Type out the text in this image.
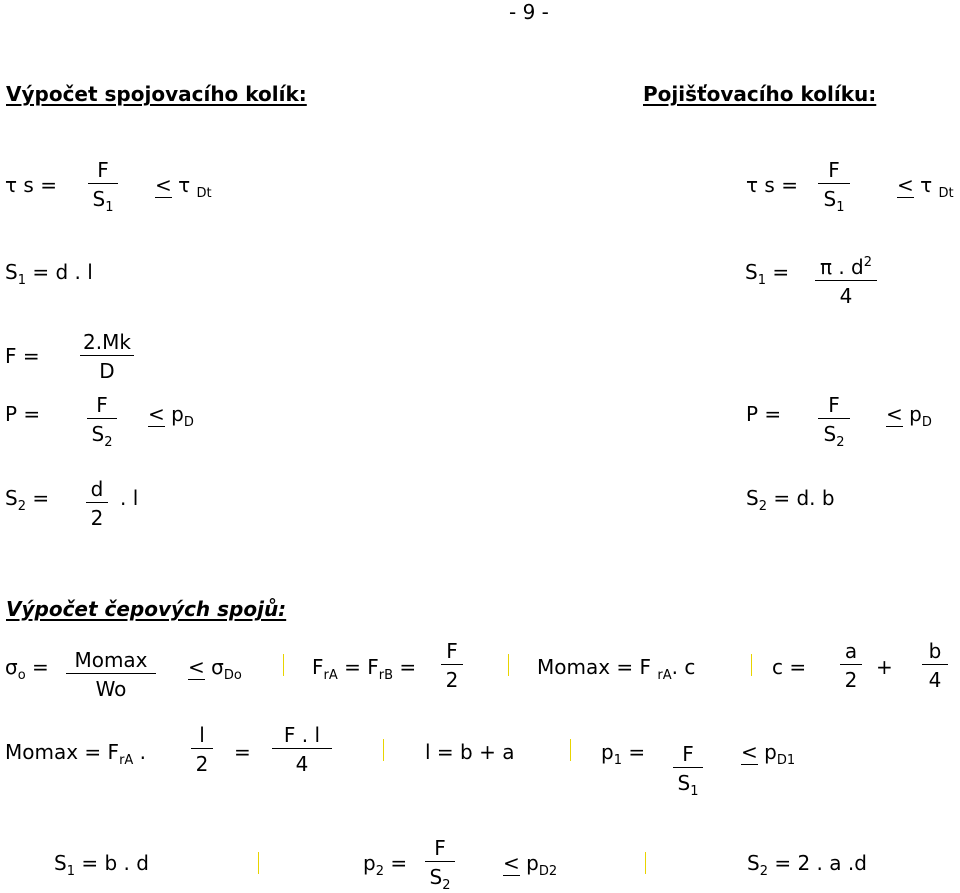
- 9 -
Výpočet spojovacího kolík:	Pojišťovacího kolíku:
τ $s = \frac{F}{S_1} < \tau$ $_{Dt}$	τ $s = \frac{F}{S_1} < \tau$ $_{Dt}$
$S_1 = d$ . l	$S_1 = \frac{\pi . d^2}{4}$
$F = \frac{2.Mk}{D}$
$P = \frac{F}{S_2} < p_D$	$P = \frac{F}{S_2} < p_D$
$S_2 = \frac{d}{2}$ . l	$S_2 = d$. b
Výpočet čepových spojů:
$\sigma_o$ =	Momax
Wo
< $\sigma_{Do}$	$F_{rA} = F_{rB} = \frac{F}{2}$	Momax = F $_{rA}$. c	$c = \frac{a}{2} + \frac{b}{4}$
$Momax = F_{rA}$ . $\frac{l}{2} = \frac{F . l}{4}$	l = b + a	$p_1 = \frac{F}{S_1} < p_{D1}$
$S_1 = b$ . d	$p_2 = \frac{F}{S_2} < p_{D2}$	$S_2 = 2$ . a .d
